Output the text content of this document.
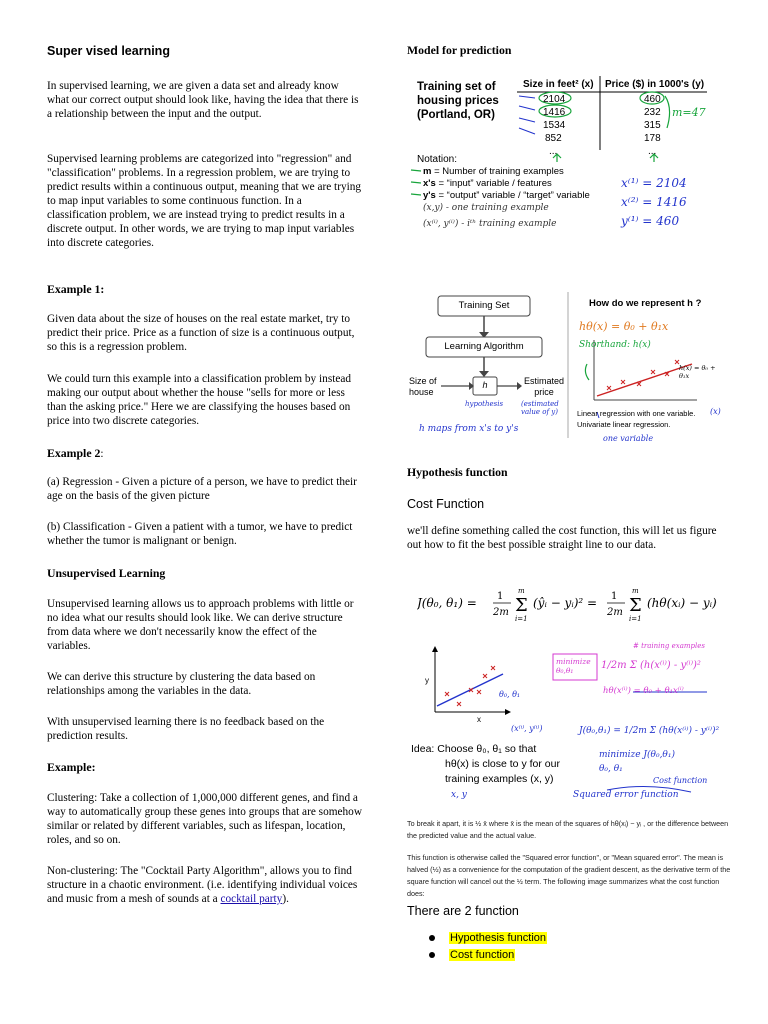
Super vised learning

In supervised learning, we are given a data set and already know what our correct output should look like, having the idea that there is a relationship between the input and the output.

Supervised learning problems are categorized into "regression" and "classification" problems. In a regression problem, we are trying to predict results within a continuous output, meaning that we are trying to map input variables to some continuous function. In a classification problem, we are instead trying to predict results in a discrete output. In other words, we are trying to map input variables into discrete categories.

Example 1:

Given data about the size of houses on the real estate market, try to predict their price. Price as a function of size is a continuous output, so this is a regression problem.

We could turn this example into a classification problem by instead making our output about whether the house "sells for more or less than the asking price." Here we are classifying the houses based on price into two discrete categories.

Example 2:

(a) Regression - Given a picture of a person, we have to predict their age on the basis of the given picture

(b) Classification - Given a patient with a tumor, we have to predict whether the tumor is malignant or benign.

Unsupervised Learning

Unsupervised learning allows us to approach problems with little or no idea what our results should look like. We can derive structure from data where we don't necessarily know the effect of the variables.

We can derive this structure by clustering the data based on relationships among the variables in the data.

With unsupervised learning there is no feedback based on the prediction results.

Example:

Clustering: Take a collection of 1,000,000 different genes, and find a way to automatically group these genes into groups that are somehow similar or related by different variables, such as lifespan, location, roles, and so on.

Non-clustering: The "Cocktail Party Algorithm", allows you to find structure in a chaotic environment. (i.e. identifying individual voices and music from a mesh of sounds at a cocktail party).

Model for prediction
Training set of
housing prices
(Portland, OR)
Size in feet² (x) Price ($) in 1000's (y)
2104
1416
1534
852
...
460
232
315
178
...
m=47
Notation:
m = Number of training examples
x's = “input” variable / features
y's = “output” variable / “target” variable
(x,y) - one training example
(x⁽ⁱ⁾, y⁽ⁱ⁾) - iᵗʰ training example
x⁽¹⁾ = 2104
x⁽²⁾ = 1416
y⁽¹⁾ = 460
Training Set
Learning Algorithm
h
Size of
house
Estimated
price
hypothesis	(estimated value of y)
h maps from x's to y's
How do we represent h ?
hθ(x) = θ₀ + θ₁x
Shorthand: h(x)
h(x) = θ₀ + θ₁x
Linear regression with one variable.
Univariate linear regression.
(x)
one variable
Hypothesis function
Cost Function

we'll define something called the cost function, this will let us figure out how to fit the best possible straight line to our data.

J(θ₀, θ₁) = 1
2m Σ
m
i=1
(ŷᵢ − yᵢ)² = 1
2m Σ
m
i=1
(hθ(xᵢ) − yᵢ)²
y
x
θ₀, θ₁
(x⁽ⁱ⁾, y⁽ⁱ⁾)
minimize θ₀,θ₁	1/2m Σ (h(x⁽ⁱ⁾) - y⁽ⁱ⁾)²
# training examples
hθ(x⁽ⁱ⁾) = θ₀ + θ₁x⁽ⁱ⁾
J(θ₀,θ₁) = 1/2m Σ (hθ(x⁽ⁱ⁾) - y⁽ⁱ⁾)²
Idea: Choose θ₀, θ₁ so that
hθ(x) is close to y for our
training examples (x, y)
x, y
minimize J(θ₀,θ₁)
θ₀, θ₁
Cost function
Squared error function

To break it apart, it is ½ x̄ where x̄ is the mean of the squares of hθ(xᵢ) − yᵢ , or the difference between the predicted value and the actual value.

This function is otherwise called the "Squared error function", or "Mean squared error". The mean is halved (½) as a convenience for the computation of the gradient descent, as the derivative term of the square function will cancel out the ½ term. The following image summarizes what the cost function does:

There are 2 function
Hypothesis function
Cost function
